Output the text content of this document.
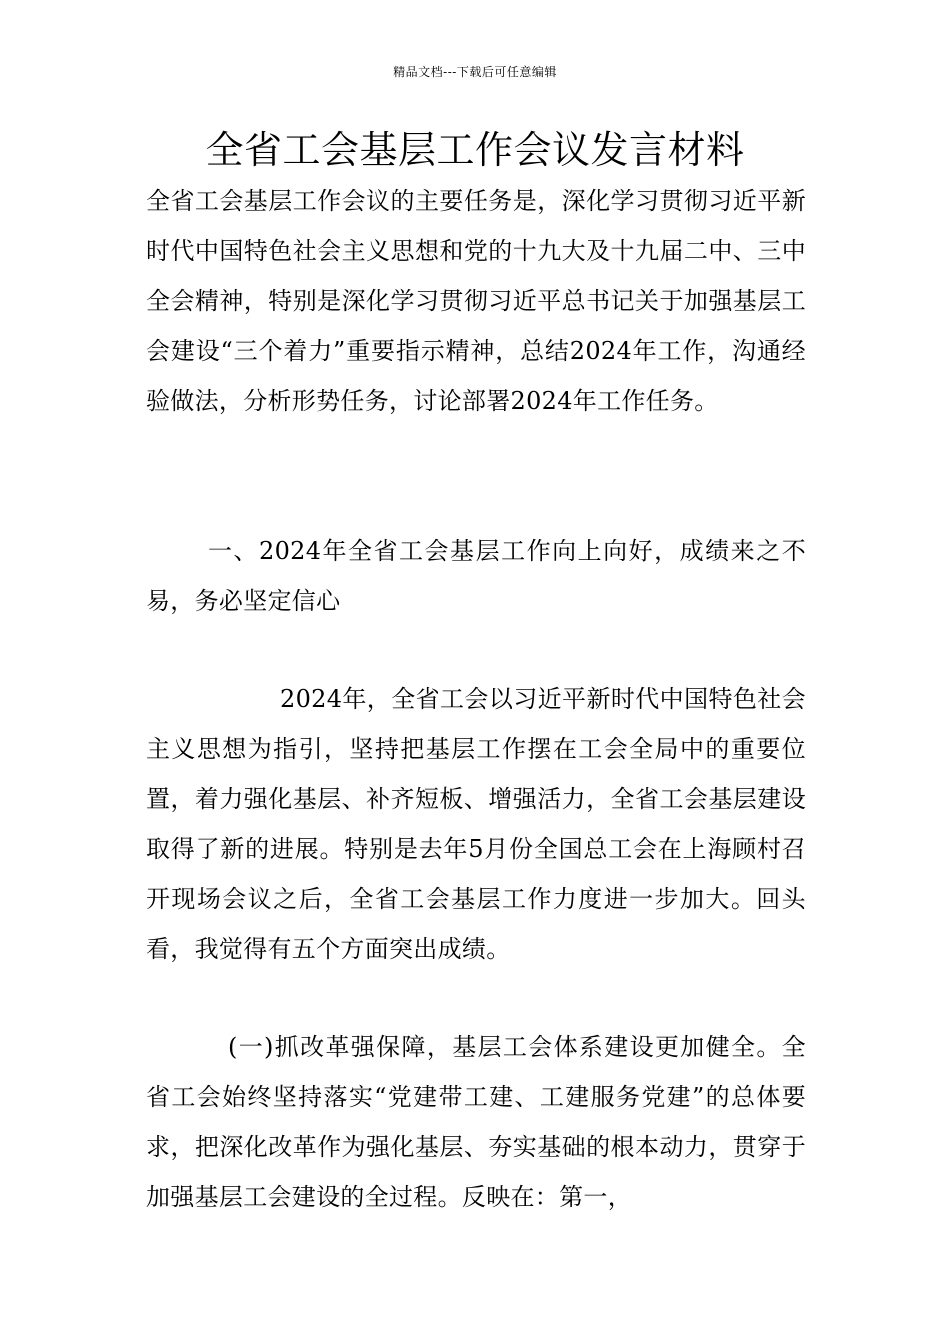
精品文档---下载后可任意编辑
全省工会基层工作会议发言材料

全省工会基层工作会议的主要任务是，深化学习贯彻习近平新时代中国特色社会主义思想和党的十九大及十九届二中、三中全会精神，特别是深化学习贯彻习近平总书记关于加强基层工会建设“三个着力”重要指示精神，总结2024年工作，沟通经验做法，分析形势任务，讨论部署2024年工作任务。

一、2024年全省工会基层工作向上向好，成绩来之不易，务必坚定信心

2024年，全省工会以习近平新时代中国特色社会主义思想为指引，坚持把基层工作摆在工会全局中的重要位置，着力强化基层、补齐短板、增强活力，全省工会基层建设取得了新的进展。特别是去年5月份全国总工会在上海顾村召开现场会议之后，全省工会基层工作力度进一步加大。回头看，我觉得有五个方面突出成绩。

(一)抓改革强保障，基层工会体系建设更加健全。全省工会始终坚持落实“党建带工建、工建服务党建”的总体要求，把深化改革作为强化基层、夯实基础的根本动力，贯穿于加强基层工会建设的全过程。反映在：第一，
